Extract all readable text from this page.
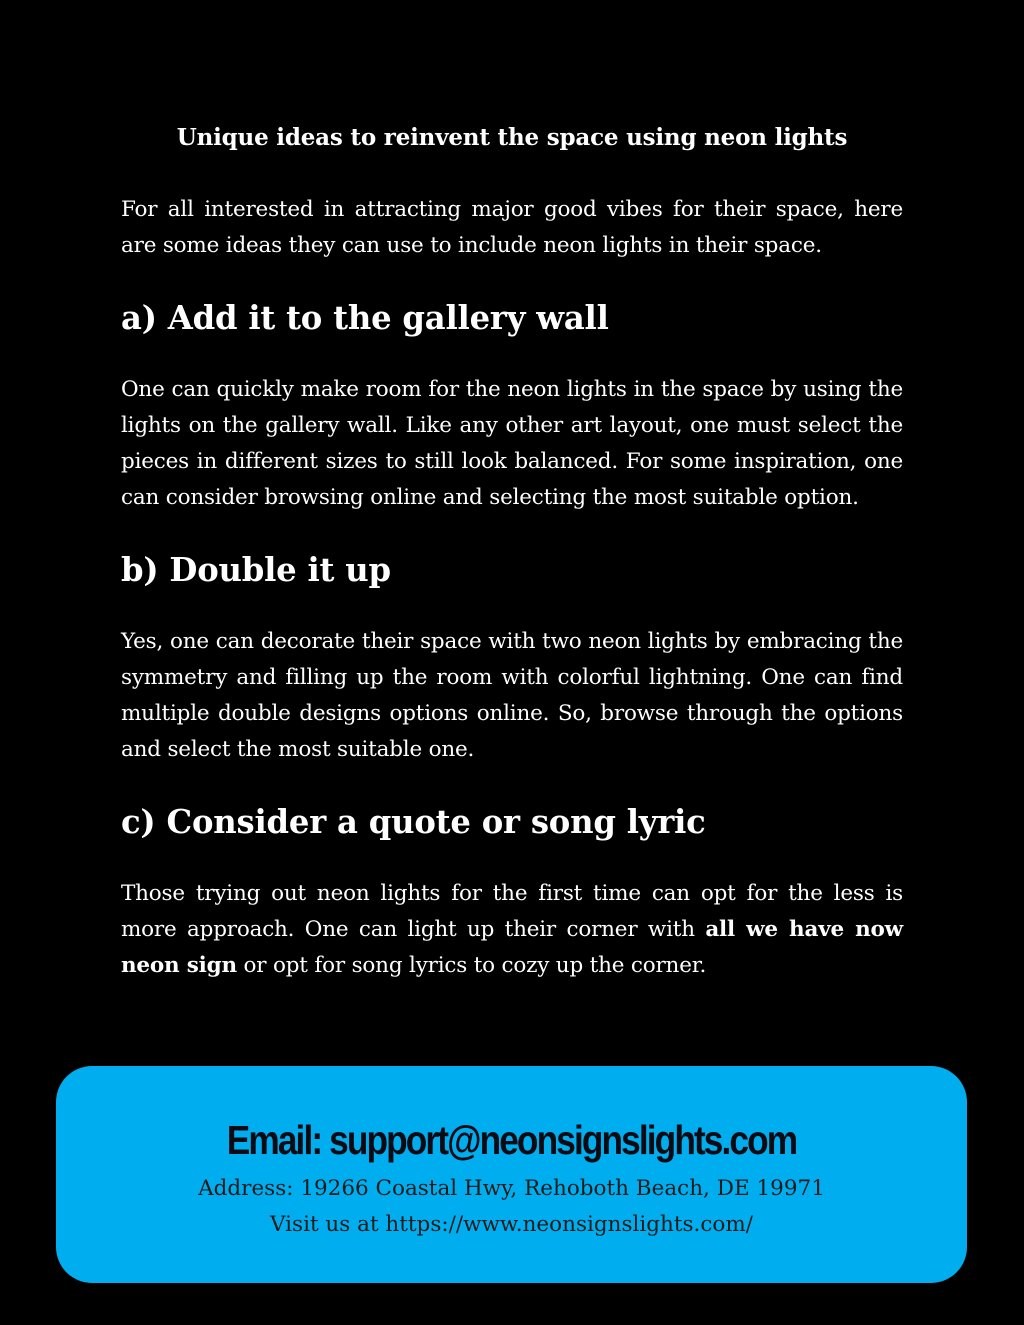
Unique ideas to reinvent the space using neon lights

For all interested in attracting major good vibes for their space, here are some ideas they can use to include neon lights in their space.

a) Add it to the gallery wall

One can quickly make room for the neon lights in the space by using the lights on the gallery wall. Like any other art layout, one must select the pieces in different sizes to still look balanced. For some inspiration, one can consider browsing online and selecting the most suitable option.

b) Double it up

Yes, one can decorate their space with two neon lights by embracing the symmetry and filling up the room with colorful lightning. One can find multiple double designs options online. So, browse through the options and select the most suitable one.

c) Consider a quote or song lyric

Those trying out neon lights for the first time can opt for the less is more approach. One can light up their corner with all we have now neon sign or opt for song lyrics to cozy up the corner.

Email: support@neonsignslights.com
Address: 19266 Coastal Hwy, Rehoboth Beach, DE 19971
Visit us at https://www.neonsignslights.com/
